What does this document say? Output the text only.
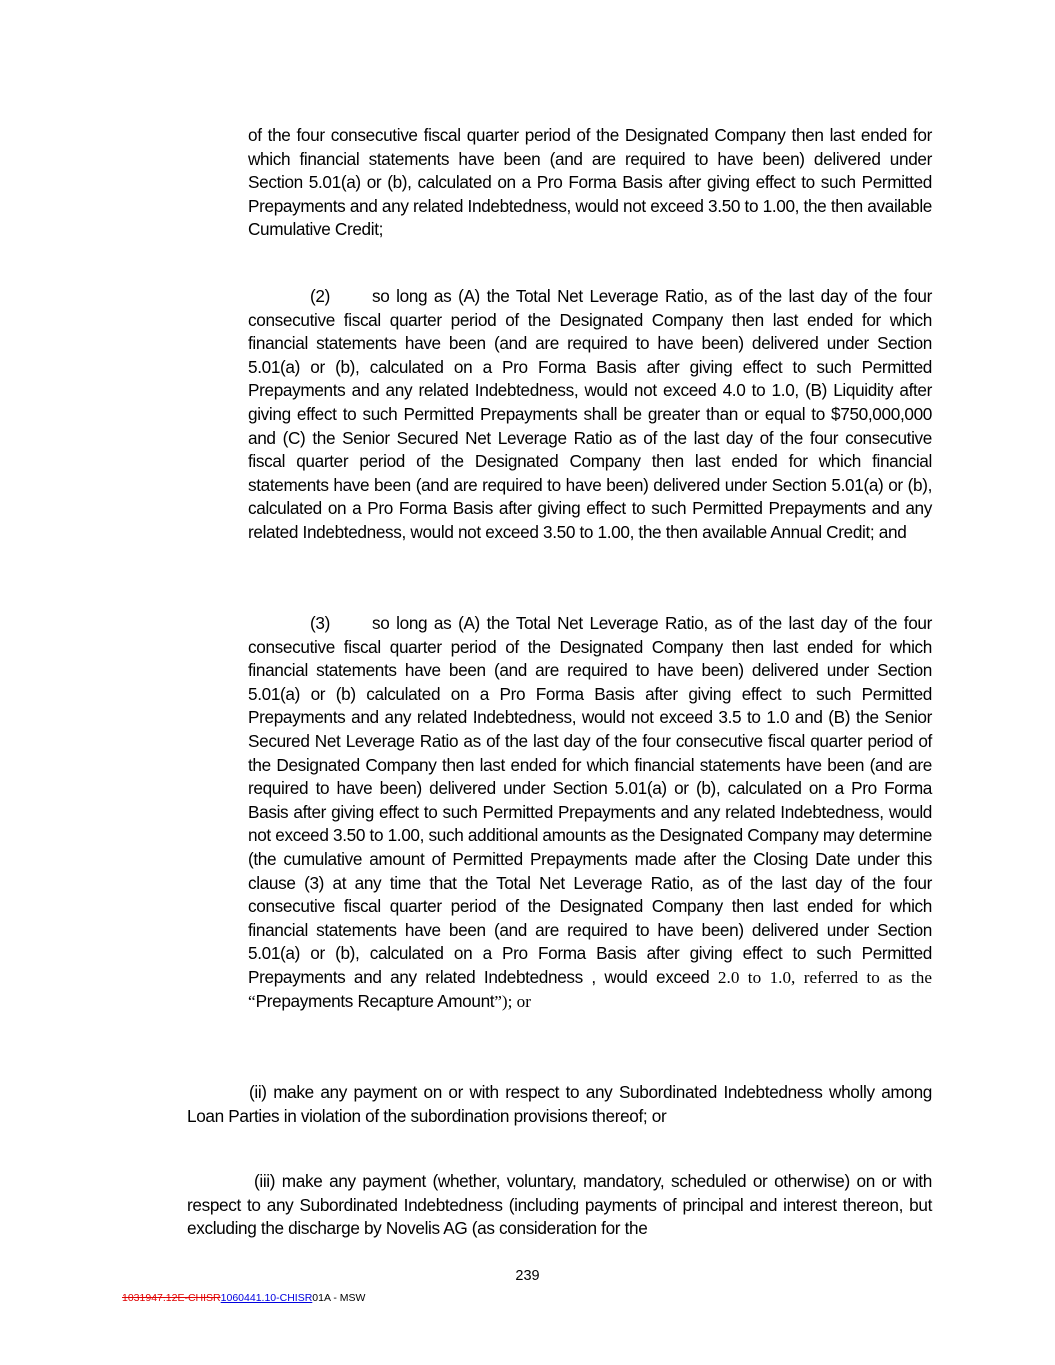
of the four consecutive fiscal quarter period of the Designated Company then last ended for which financial statements have been (and are required to have been) delivered under Section 5.01(a) or (b), calculated on a Pro Forma Basis after giving effect to such Permitted Prepayments and any related Indebtedness, would not exceed 3.50 to 1.00, the then available Cumulative Credit;

(2) so long as (A) the Total Net Leverage Ratio, as of the last day of the four consecutive fiscal quarter period of the Designated Company then last ended for which financial statements have been (and are required to have been) delivered under Section 5.01(a) or (b), calculated on a Pro Forma Basis after giving effect to such Permitted Prepayments and any related Indebtedness, would not exceed 4.0 to 1.0, (B) Liquidity after giving effect to such Permitted Prepayments shall be greater than or equal to $750,000,000 and (C) the Senior Secured Net Leverage Ratio as of the last day of the four consecutive fiscal quarter period of the Designated Company then last ended for which financial statements have been (and are required to have been) delivered under Section 5.01(a) or (b), calculated on a Pro Forma Basis after giving effect to such Permitted Prepayments and any related Indebtedness, would not exceed 3.50 to 1.00, the then available Annual Credit; and

(3) so long as (A) the Total Net Leverage Ratio, as of the last day of the four consecutive fiscal quarter period of the Designated Company then last ended for which financial statements have been (and are required to have been) delivered under Section 5.01(a) or (b) calculated on a Pro Forma Basis after giving effect to such Permitted Prepayments and any related Indebtedness, would not exceed 3.5 to 1.0 and (B) the Senior Secured Net Leverage Ratio as of the last day of the four consecutive fiscal quarter period of the Designated Company then last ended for which financial statements have been (and are required to have been) delivered under Section 5.01(a) or (b), calculated on a Pro Forma Basis after giving effect to such Permitted Prepayments and any related Indebtedness, would not exceed 3.50 to 1.00, such additional amounts as the Designated Company may determine (the cumulative amount of Permitted Prepayments made after the Closing Date under this clause (3) at any time that the Total Net Leverage Ratio, as of the last day of the four consecutive fiscal quarter period of the Designated Company then last ended for which financial statements have been (and are required to have been) delivered under Section 5.01(a) or (b), calculated on a Pro Forma Basis after giving effect to such Permitted Prepayments and any related Indebtedness , would exceed 2.0 to 1.0, referred to as the “Prepayments Recapture Amount”); or

(ii) make any payment on or with respect to any Subordinated Indebtedness wholly among Loan Parties in violation of the subordination provisions thereof; or

(iii) make any payment (whether, voluntary, mandatory, scheduled or otherwise) on or with respect to any Subordinated Indebtedness (including payments of principal and interest thereon, but excluding the discharge by Novelis AG (as consideration for the

239
1031947.12E-CHISR1060441.10-CHISR01A - MSW
